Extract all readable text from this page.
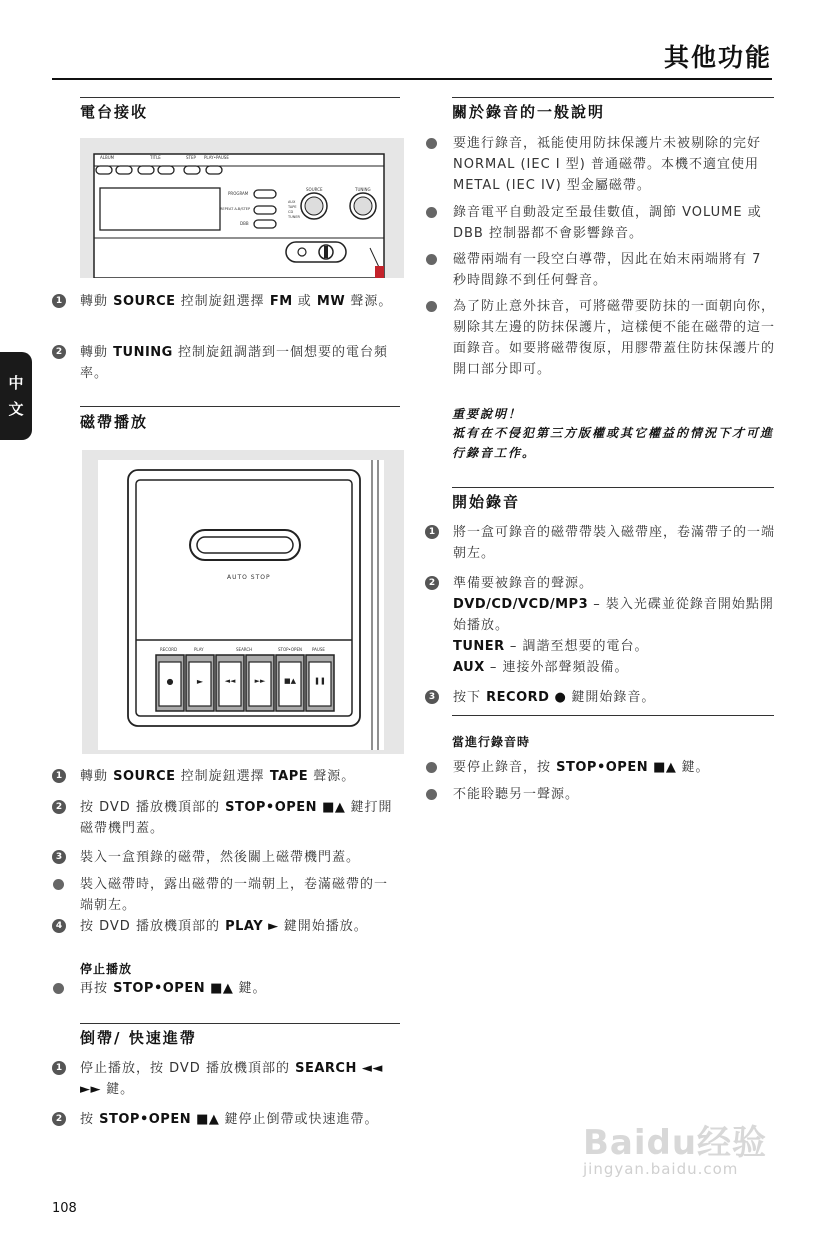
其他功能
中
文
電台接收
ALBUM	TITLE	STEP PLAY•PAUSE
PROGRAM
REPEAT A-B/STEP
DBB
SOURCE	TUNING
AUX
TAPE
CD
TUNER
1 轉動 SOURCE 控制旋鈕選擇 FM 或 MW 聲源。
2 轉動 TUNING 控制旋鈕調諧到一個想要的電台頻率。
磁帶播放
AUTO STOP
RECORD	PLAY	SEARCH	STOP•OPEN	PAUSE
●	►	◄◄	►►	■▲	❚❚
1 轉動 SOURCE 控制旋鈕選擇 TAPE 聲源。
2 按 DVD 播放機頂部的 STOP•OPEN ■▲ 鍵打開磁帶機門蓋。
3 裝入一盒預錄的磁帶，然後關上磁帶機門蓋。
裝入磁帶時，露出磁帶的一端朝上，卷滿磁帶的一端朝左。
4 按 DVD 播放機頂部的 PLAY ► 鍵開始播放。
停止播放
再按 STOP•OPEN ■▲ 鍵。
倒帶/ 快速進帶
1 停止播放，按 DVD 播放機頂部的 SEARCH ◄◄ ►► 鍵。
2 按 STOP•OPEN ■▲ 鍵停止倒帶或快速進帶。
關於錄音的一般說明
要進行錄音，祗能使用防抹保護片未被剔除的完好 NORMAL (IEC I 型) 普通磁帶。本機不適宜使用 METAL (IEC IV) 型金屬磁帶。
錄音電平自動設定至最佳數值，調節 VOLUME 或 DBB 控制器都不會影響錄音。
磁帶兩端有一段空白導帶，因此在始末兩端將有 7 秒時間錄不到任何聲音。
為了防止意外抹音，可將磁帶要防抹的一面朝向你，剔除其左邊的防抹保護片，這樣便不能在磁帶的這一面錄音。如要將磁帶復原，用膠帶蓋住防抹保護片的開口部分即可。
重要說明！
祗有在不侵犯第三方版權或其它權益的情況下才可進行錄音工作。
開始錄音
1 將一盒可錄音的磁帶帶裝入磁帶座，卷滿帶子的一端朝左。
2 準備要被錄音的聲源。
DVD/CD/VCD/MP3 – 裝入光碟並從錄音開始點開始播放。
TUNER – 調諧至想要的電台。
AUX – 連接外部聲頻設備。
3 按下 RECORD ● 鍵開始錄音。
當進行錄音時
要停止錄音，按 STOP•OPEN ■▲ 鍵。
不能聆聽另一聲源。
108
Baidu经验
jingyan.baidu.com
